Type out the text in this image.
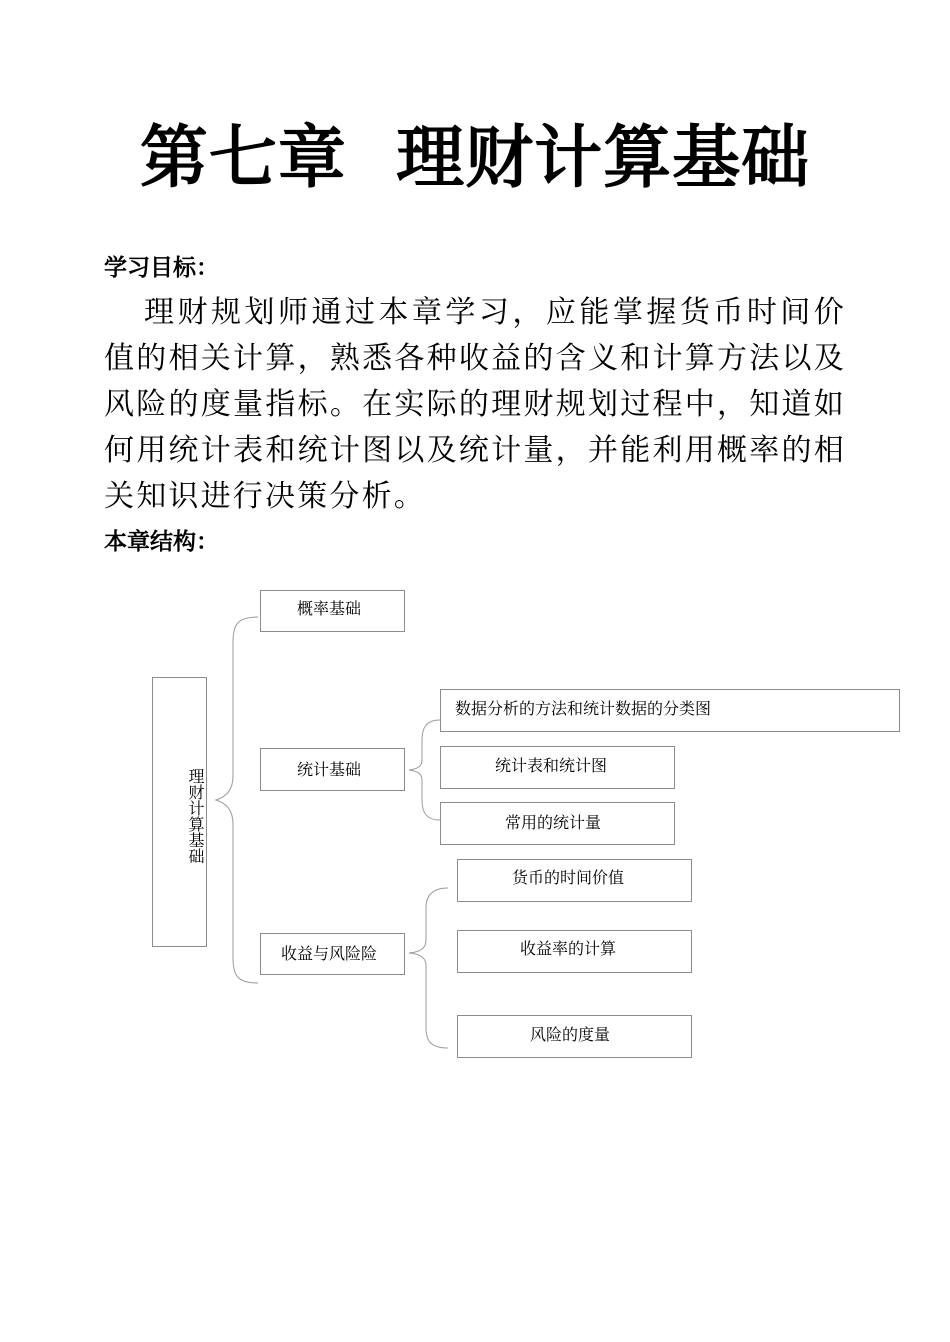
第七章  理财计算基础
学习目标：

理财规划师通过本章学习，应能掌握货币时间价值的相关计算，熟悉各种收益的含义和计算方法以及风险的度量指标。在实际的理财规划过程中，知道如何用统计表和统计图以及统计量，并能利用概率的相关知识进行决策分析。

本章结构：
理财计算基础
概率基础
统计基础
收益与风险险
数据分析的方法和统计数据的分类图
统计表和统计图
常用的统计量
货币的时间价值
收益率的计算
风险的度量
